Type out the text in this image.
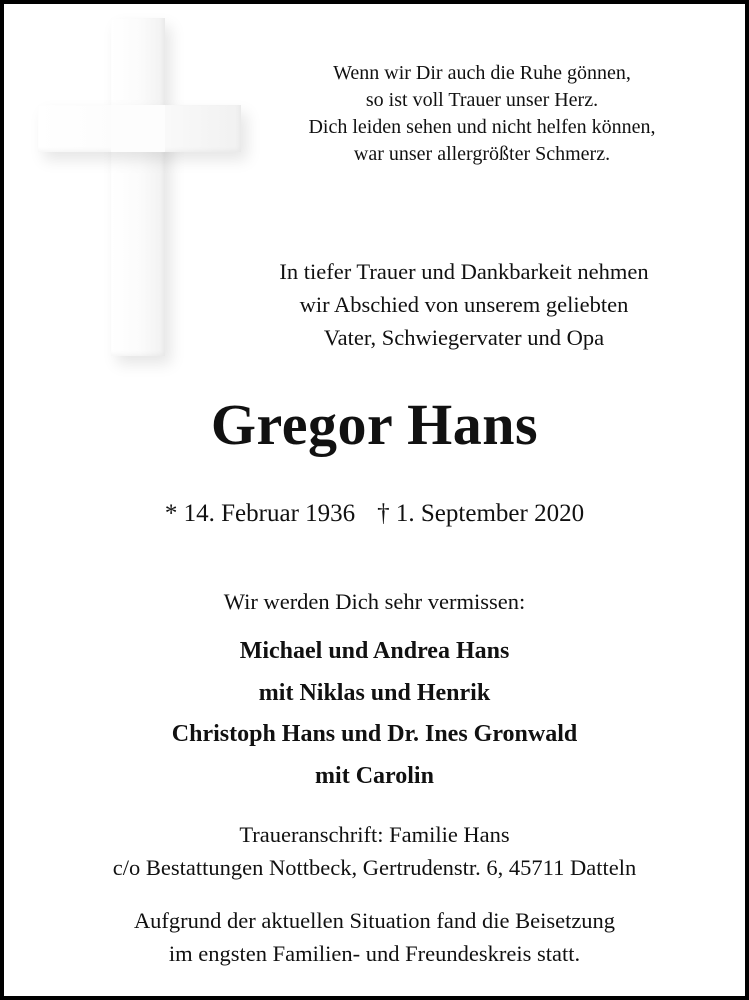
Wenn wir Dir auch die Ruhe gönnen,
so ist voll Trauer unser Herz.
Dich leiden sehen und nicht helfen können,
war unser allergrößter Schmerz.
In tiefer Trauer und Dankbarkeit nehmen
wir Abschied von unserem geliebten
Vater, Schwiegervater und Opa
Gregor Hans
* 14. Februar 1936 † 1. September 2020
Wir werden Dich sehr vermissen:
Michael und Andrea Hans
mit Niklas und Henrik
Christoph Hans und Dr. Ines Gronwald
mit Carolin
Traueranschrift: Familie Hans
c/o Bestattungen Nottbeck, Gertrudenstr. 6, 45711 Datteln
Aufgrund der aktuellen Situation fand die Beisetzung
im engsten Familien- und Freundeskreis statt.
